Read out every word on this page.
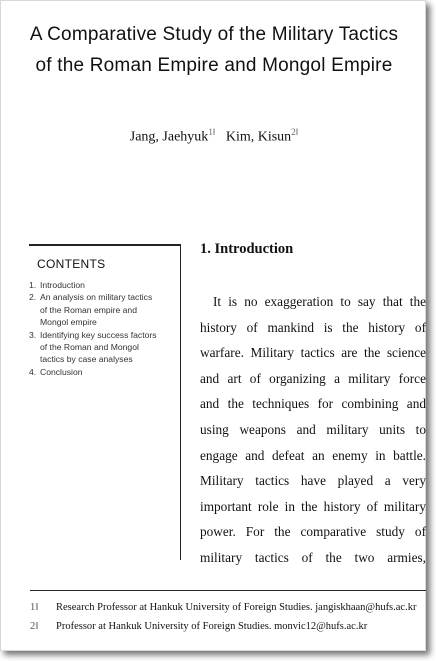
A Comparative Study of the Military Tactics
of the Roman Empire and Mongol Empire
Jang, Jaehyuk$^{1‖}$ Kim, Kisun$^{2‖}$
CONTENTS
1. Introduction
2. An analysis on military tactics
of the Roman empire and
Mongol empire
3. Identifying key success factors
of the Roman and Mongol
tactics by case analyses
4. Conclusion
1. Introduction
It is no exaggeration to say that the
history of mankind is the history of
warfare. Military tactics are the science
and art of organizing a military force
and the techniques for combining and
using weapons and military units to
engage and defeat an enemy in battle.
Military tactics have played a very
important role in the history of military
power. For the comparative study of
military tactics of the two armies,
1‖	Research Professor at Hankuk University of Foreign Studies. jangiskhaan@hufs.ac.kr
2‖	Professor at Hankuk University of Foreign Studies. monvic12@hufs.ac.kr
